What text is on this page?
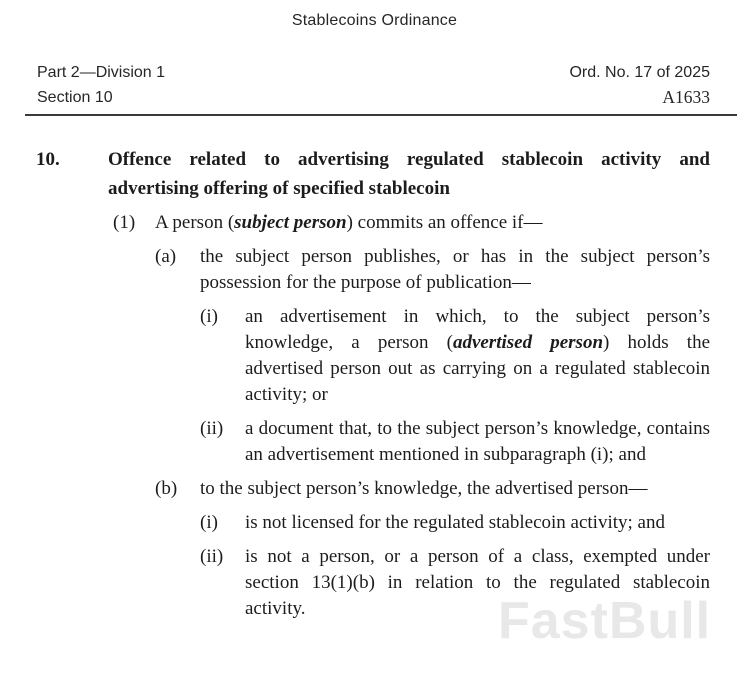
Stablecoins Ordinance
Part 2—Division 1
Section 10
Ord. No. 17 of 2025
A1633
10.	Offence related to advertising regulated stablecoin activity and advertising offering of specified stablecoin
(1)	A person (subject person) commits an offence if—
(a)	the subject person publishes, or has in the subject person’s possession for the purpose of publication—
(i)	an advertisement in which, to the subject person’s knowledge, a person (advertised person) holds the advertised person out as carrying on a regulated stablecoin activity; or
(ii)	a document that, to the subject person’s knowledge, contains an advertisement mentioned in subparagraph (i); and
(b)	to the subject person’s knowledge, the advertised person—
(i)	is not licensed for the regulated stablecoin activity; and
(ii)	is not a person, or a person of a class, exempted under section 13(1)(b) in relation to the regulated stablecoin activity.	FastBull
